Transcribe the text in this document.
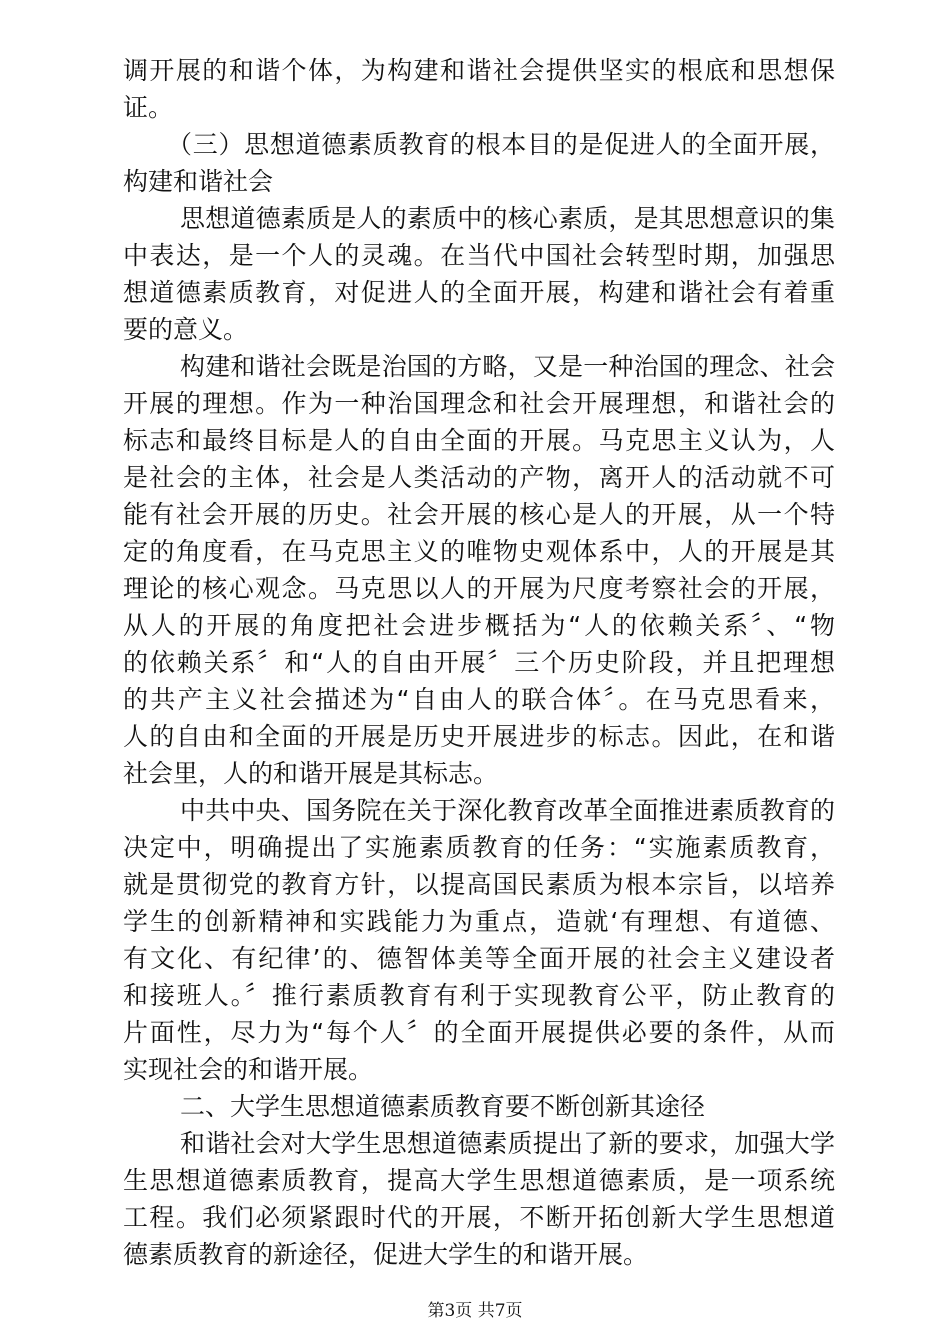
调开展的和谐个体，为构建和谐社会提供坚实的根底和思想保
证。
（三）思想道德素质教育的根本目的是促进人的全面开展，
构建和谐社会
思想道德素质是人的素质中的核心素质，是其思想意识的集
中表达，是一个人的灵魂。在当代中国社会转型时期，加强思
想道德素质教育，对促进人的全面开展，构建和谐社会有着重
要的意义。
构建和谐社会既是治国的方略，又是一种治国的理念、社会
开展的理想。作为一种治国理念和社会开展理想，和谐社会的
标志和最终目标是人的自由全面的开展。马克思主义认为，人
是社会的主体，社会是人类活动的产物，离开人的活动就不可
能有社会开展的历史。社会开展的核心是人的开展，从一个特
定的角度看，在马克思主义的唯物史观体系中，人的开展是其
理论的核心观念。马克思以人的开展为尺度考察社会的开展，
从人的开展的角度把社会进步概括为“人的依赖关系〞、“物
的依赖关系〞和“人的自由开展〞三个历史阶段，并且把理想
的共产主义社会描述为“自由人的联合体〞。在马克思看来，
人的自由和全面的开展是历史开展进步的标志。因此，在和谐
社会里，人的和谐开展是其标志。
中共中央、国务院在关于深化教育改革全面推进素质教育的
决定中，明确提出了实施素质教育的任务：“实施素质教育，
就是贯彻党的教育方针，以提高国民素质为根本宗旨，以培养
学生的创新精神和实践能力为重点，造就‘有理想、有道德、
有文化、有纪律’的、德智体美等全面开展的社会主义建设者
和接班人。〞推行素质教育有利于实现教育公平，防止教育的
片面性，尽力为“每个人〞的全面开展提供必要的条件，从而
实现社会的和谐开展。
二、大学生思想道德素质教育要不断创新其途径
和谐社会对大学生思想道德素质提出了新的要求，加强大学
生思想道德素质教育，提高大学生思想道德素质，是一项系统
工程。我们必须紧跟时代的开展，不断开拓创新大学生思想道
德素质教育的新途径，促进大学生的和谐开展。
第3页 共7页
